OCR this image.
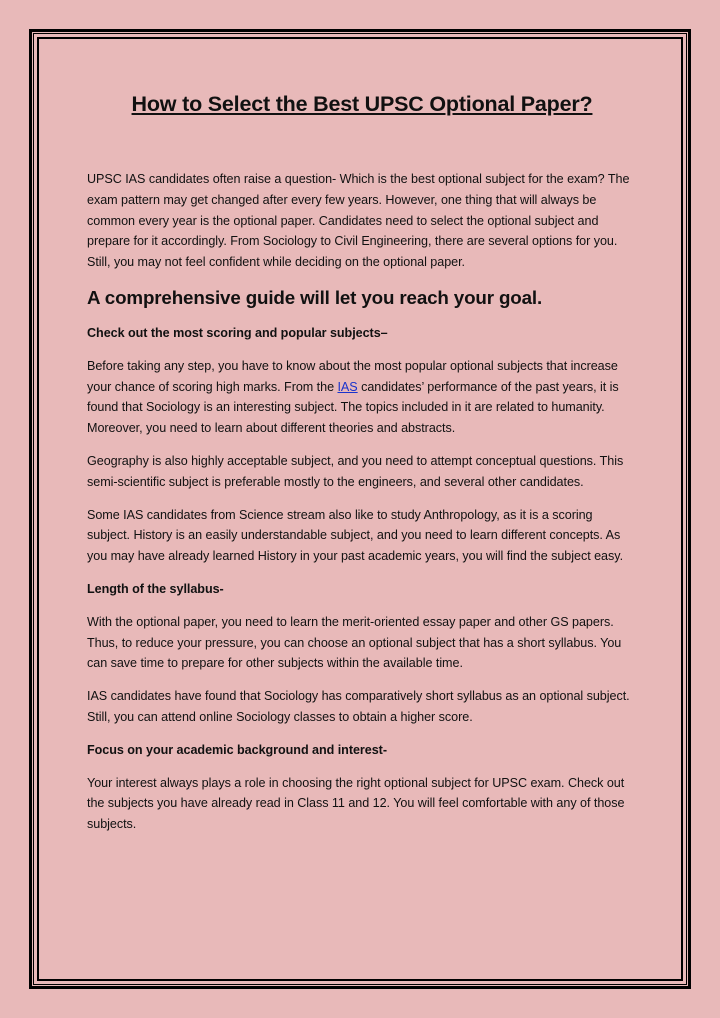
How to Select the Best UPSC Optional Paper?

UPSC IAS candidates often raise a question- Which is the best optional subject for the exam? The exam pattern may get changed after every few years. However, one thing that will always be common every year is the optional paper. Candidates need to select the optional subject and prepare for it accordingly. From Sociology to Civil Engineering, there are several options for you. Still, you may not feel confident while deciding on the optional paper.

A comprehensive guide will let you reach your goal.

Check out the most scoring and popular subjects–

Before taking any step, you have to know about the most popular optional subjects that increase your chance of scoring high marks. From the IAS candidates’ performance of the past years, it is found that Sociology is an interesting subject. The topics included in it are related to humanity. Moreover, you need to learn about different theories and abstracts.

Geography is also highly acceptable subject, and you need to attempt conceptual questions. This semi-scientific subject is preferable mostly to the engineers, and several other candidates.

Some IAS candidates from Science stream also like to study Anthropology, as it is a scoring subject. History is an easily understandable subject, and you need to learn different concepts. As you may have already learned History in your past academic years, you will find the subject easy.

Length of the syllabus-

With the optional paper, you need to learn the merit-oriented essay paper and other GS papers. Thus, to reduce your pressure, you can choose an optional subject that has a short syllabus. You can save time to prepare for other subjects within the available time.

IAS candidates have found that Sociology has comparatively short syllabus as an optional subject. Still, you can attend online Sociology classes to obtain a higher score.

Focus on your academic background and interest-

Your interest always plays a role in choosing the right optional subject for UPSC exam. Check out the subjects you have already read in Class 11 and 12. You will feel comfortable with any of those subjects.
